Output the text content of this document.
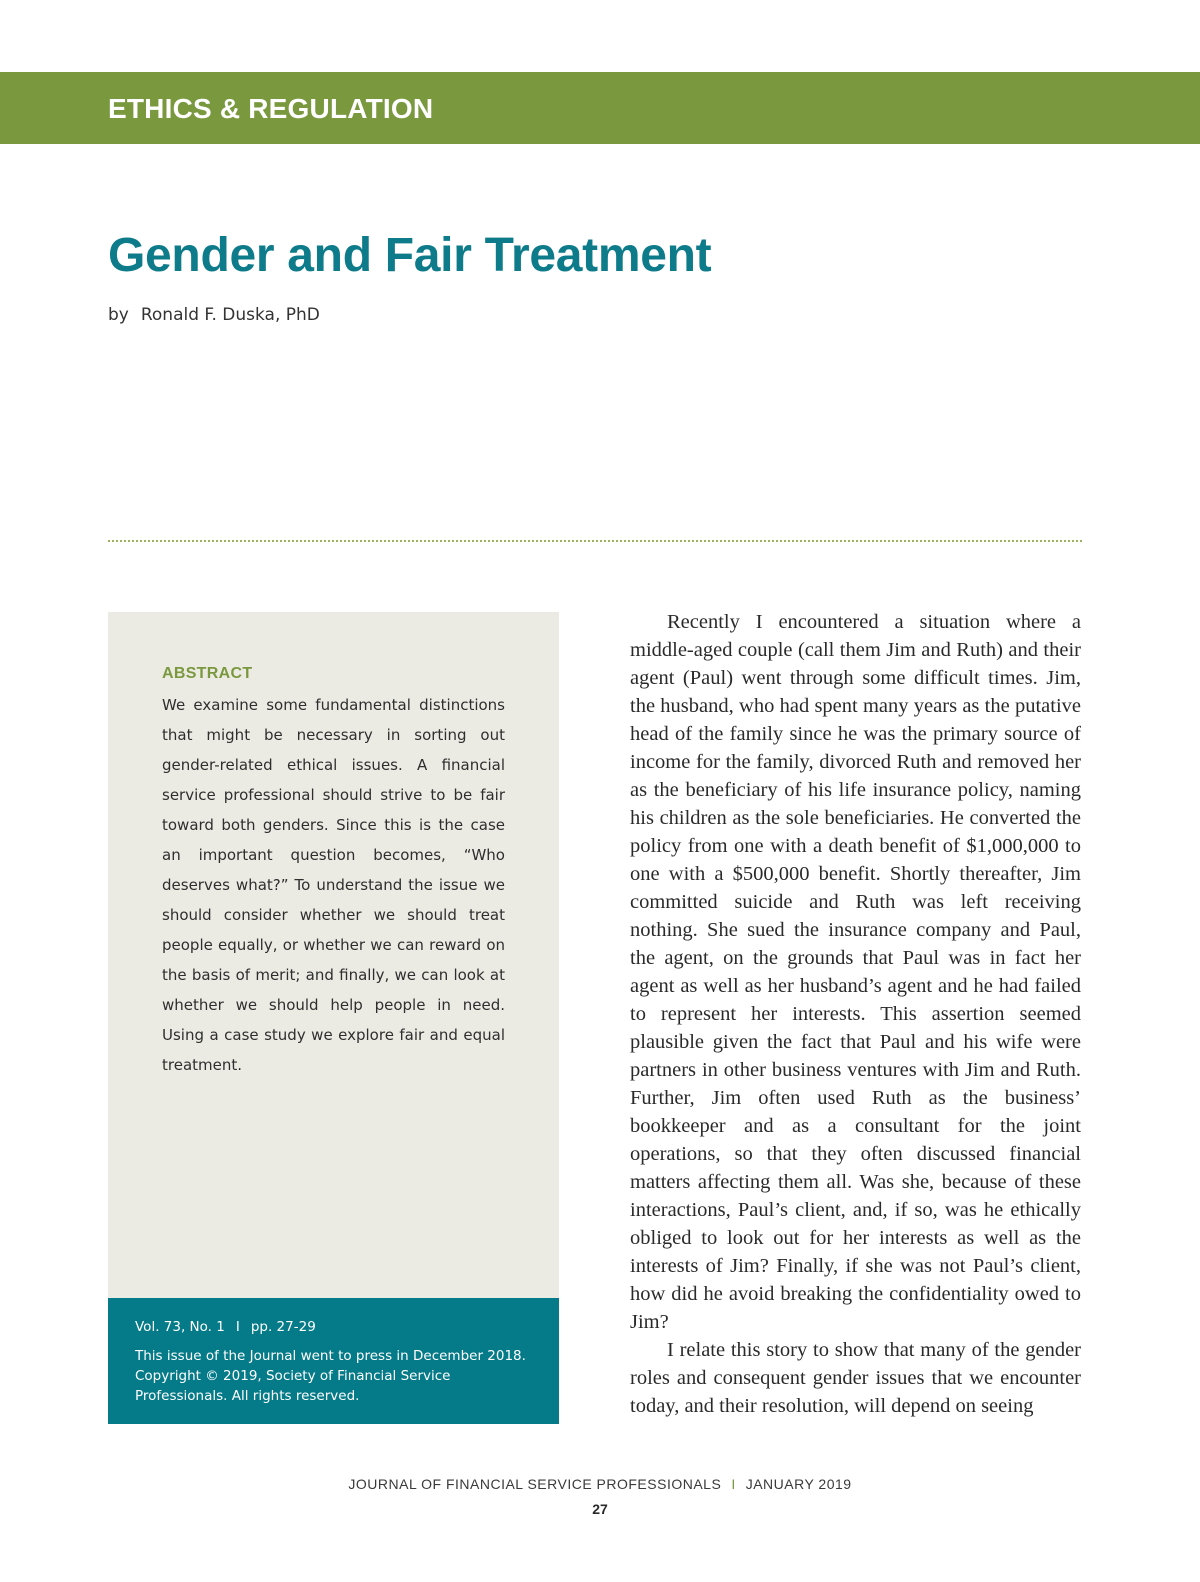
ETHICS & REGULATION
Gender and Fair Treatment
by Ronald F. Duska, PhD
ABSTRACT

We examine some fundamental distinctions that might be necessary in sorting out gender-related ethical issues. A financial service professional should strive to be fair toward both genders. Since this is the case an important question becomes, “Who deserves what?” To understand the issue we should consider whether we should treat people equally, or whether we can reward on the basis of merit; and finally, we can look at whether we should help people in need. Using a case study we explore fair and equal treatment.

Vol. 73, No. 1 I pp. 27-29

This issue of the Journal went to press in December 2018. Copyright © 2019, Society of Financial Service Professionals. All rights reserved.

Recently I encountered a situation where a middle-aged couple (call them Jim and Ruth) and their agent (Paul) went through some difficult times. Jim, the husband, who had spent many years as the putative head of the family since he was the primary source of income for the family, divorced Ruth and removed her as the beneficiary of his life insurance policy, naming his children as the sole beneficiaries. He converted the policy from one with a death benefit of $1,000,000 to one with a $500,000 benefit. Shortly thereafter, Jim committed suicide and Ruth was left receiving nothing. She sued the insurance company and Paul, the agent, on the grounds that Paul was in fact her agent as well as her husband’s agent and he had failed to represent her interests. This assertion seemed plausible given the fact that Paul and his wife were partners in other business ventures with Jim and Ruth. Further, Jim often used Ruth as the business’ bookkeeper and as a consultant for the joint operations, so that they often discussed financial matters affecting them all. Was she, because of these interactions, Paul’s client, and, if so, was he ethically obliged to look out for her interests as well as the interests of Jim? Finally, if she was not Paul’s client, how did he avoid breaking the confidentiality owed to Jim?

I relate this story to show that many of the gender roles and consequent gender issues that we encounter today, and their resolution, will depend on seeing

JOURNAL OF FINANCIAL SERVICE PROFESSIONALS I JANUARY 2019
27
